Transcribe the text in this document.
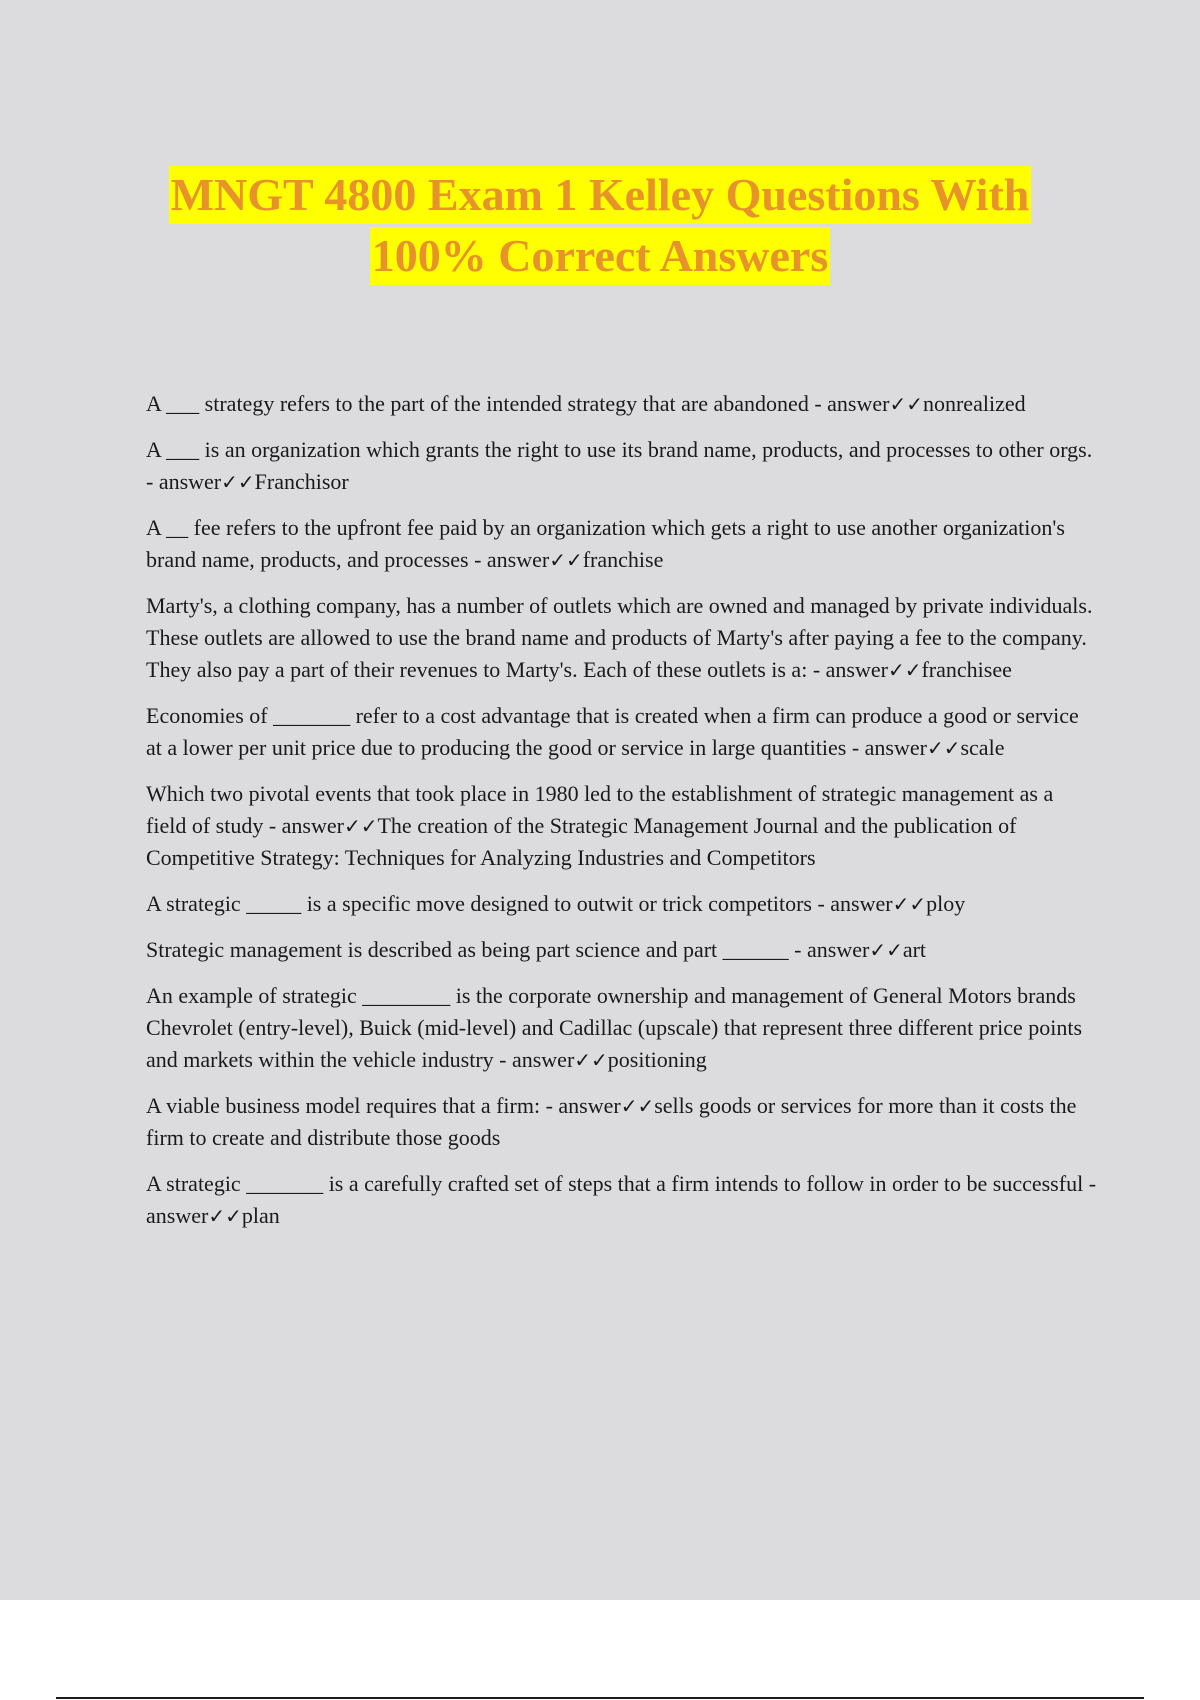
MNGT 4800 Exam 1 Kelley Questions With
100% Correct Answers
A ___ strategy refers to the part of the intended strategy that are abandoned - answer✓✓nonrealized
A ___ is an organization which grants the right to use its brand name, products, and processes to other orgs. - answer✓✓Franchisor
A __ fee refers to the upfront fee paid by an organization which gets a right to use another organization's brand name, products, and processes - answer✓✓franchise
Marty's, a clothing company, has a number of outlets which are owned and managed by private individuals. These outlets are allowed to use the brand name and products of Marty's after paying a fee to the company. They also pay a part of their revenues to Marty's. Each of these outlets is a: - answer✓✓franchisee
Economies of _______ refer to a cost advantage that is created when a firm can produce a good or service at a lower per unit price due to producing the good or service in large quantities - answer✓✓scale
Which two pivotal events that took place in 1980 led to the establishment of strategic management as a field of study - answer✓✓The creation of the Strategic Management Journal and the publication of Competitive Strategy: Techniques for Analyzing Industries and Competitors
A strategic _____ is a specific move designed to outwit or trick competitors - answer✓✓ploy
Strategic management is described as being part science and part ______ - answer✓✓art
An example of strategic ________ is the corporate ownership and management of General Motors brands Chevrolet (entry-level), Buick (mid-level) and Cadillac (upscale) that represent three different price points and markets within the vehicle industry - answer✓✓positioning
A viable business model requires that a firm: - answer✓✓sells goods or services for more than it costs the firm to create and distribute those goods
A strategic _______ is a carefully crafted set of steps that a firm intends to follow in order to be successful - answer✓✓plan
